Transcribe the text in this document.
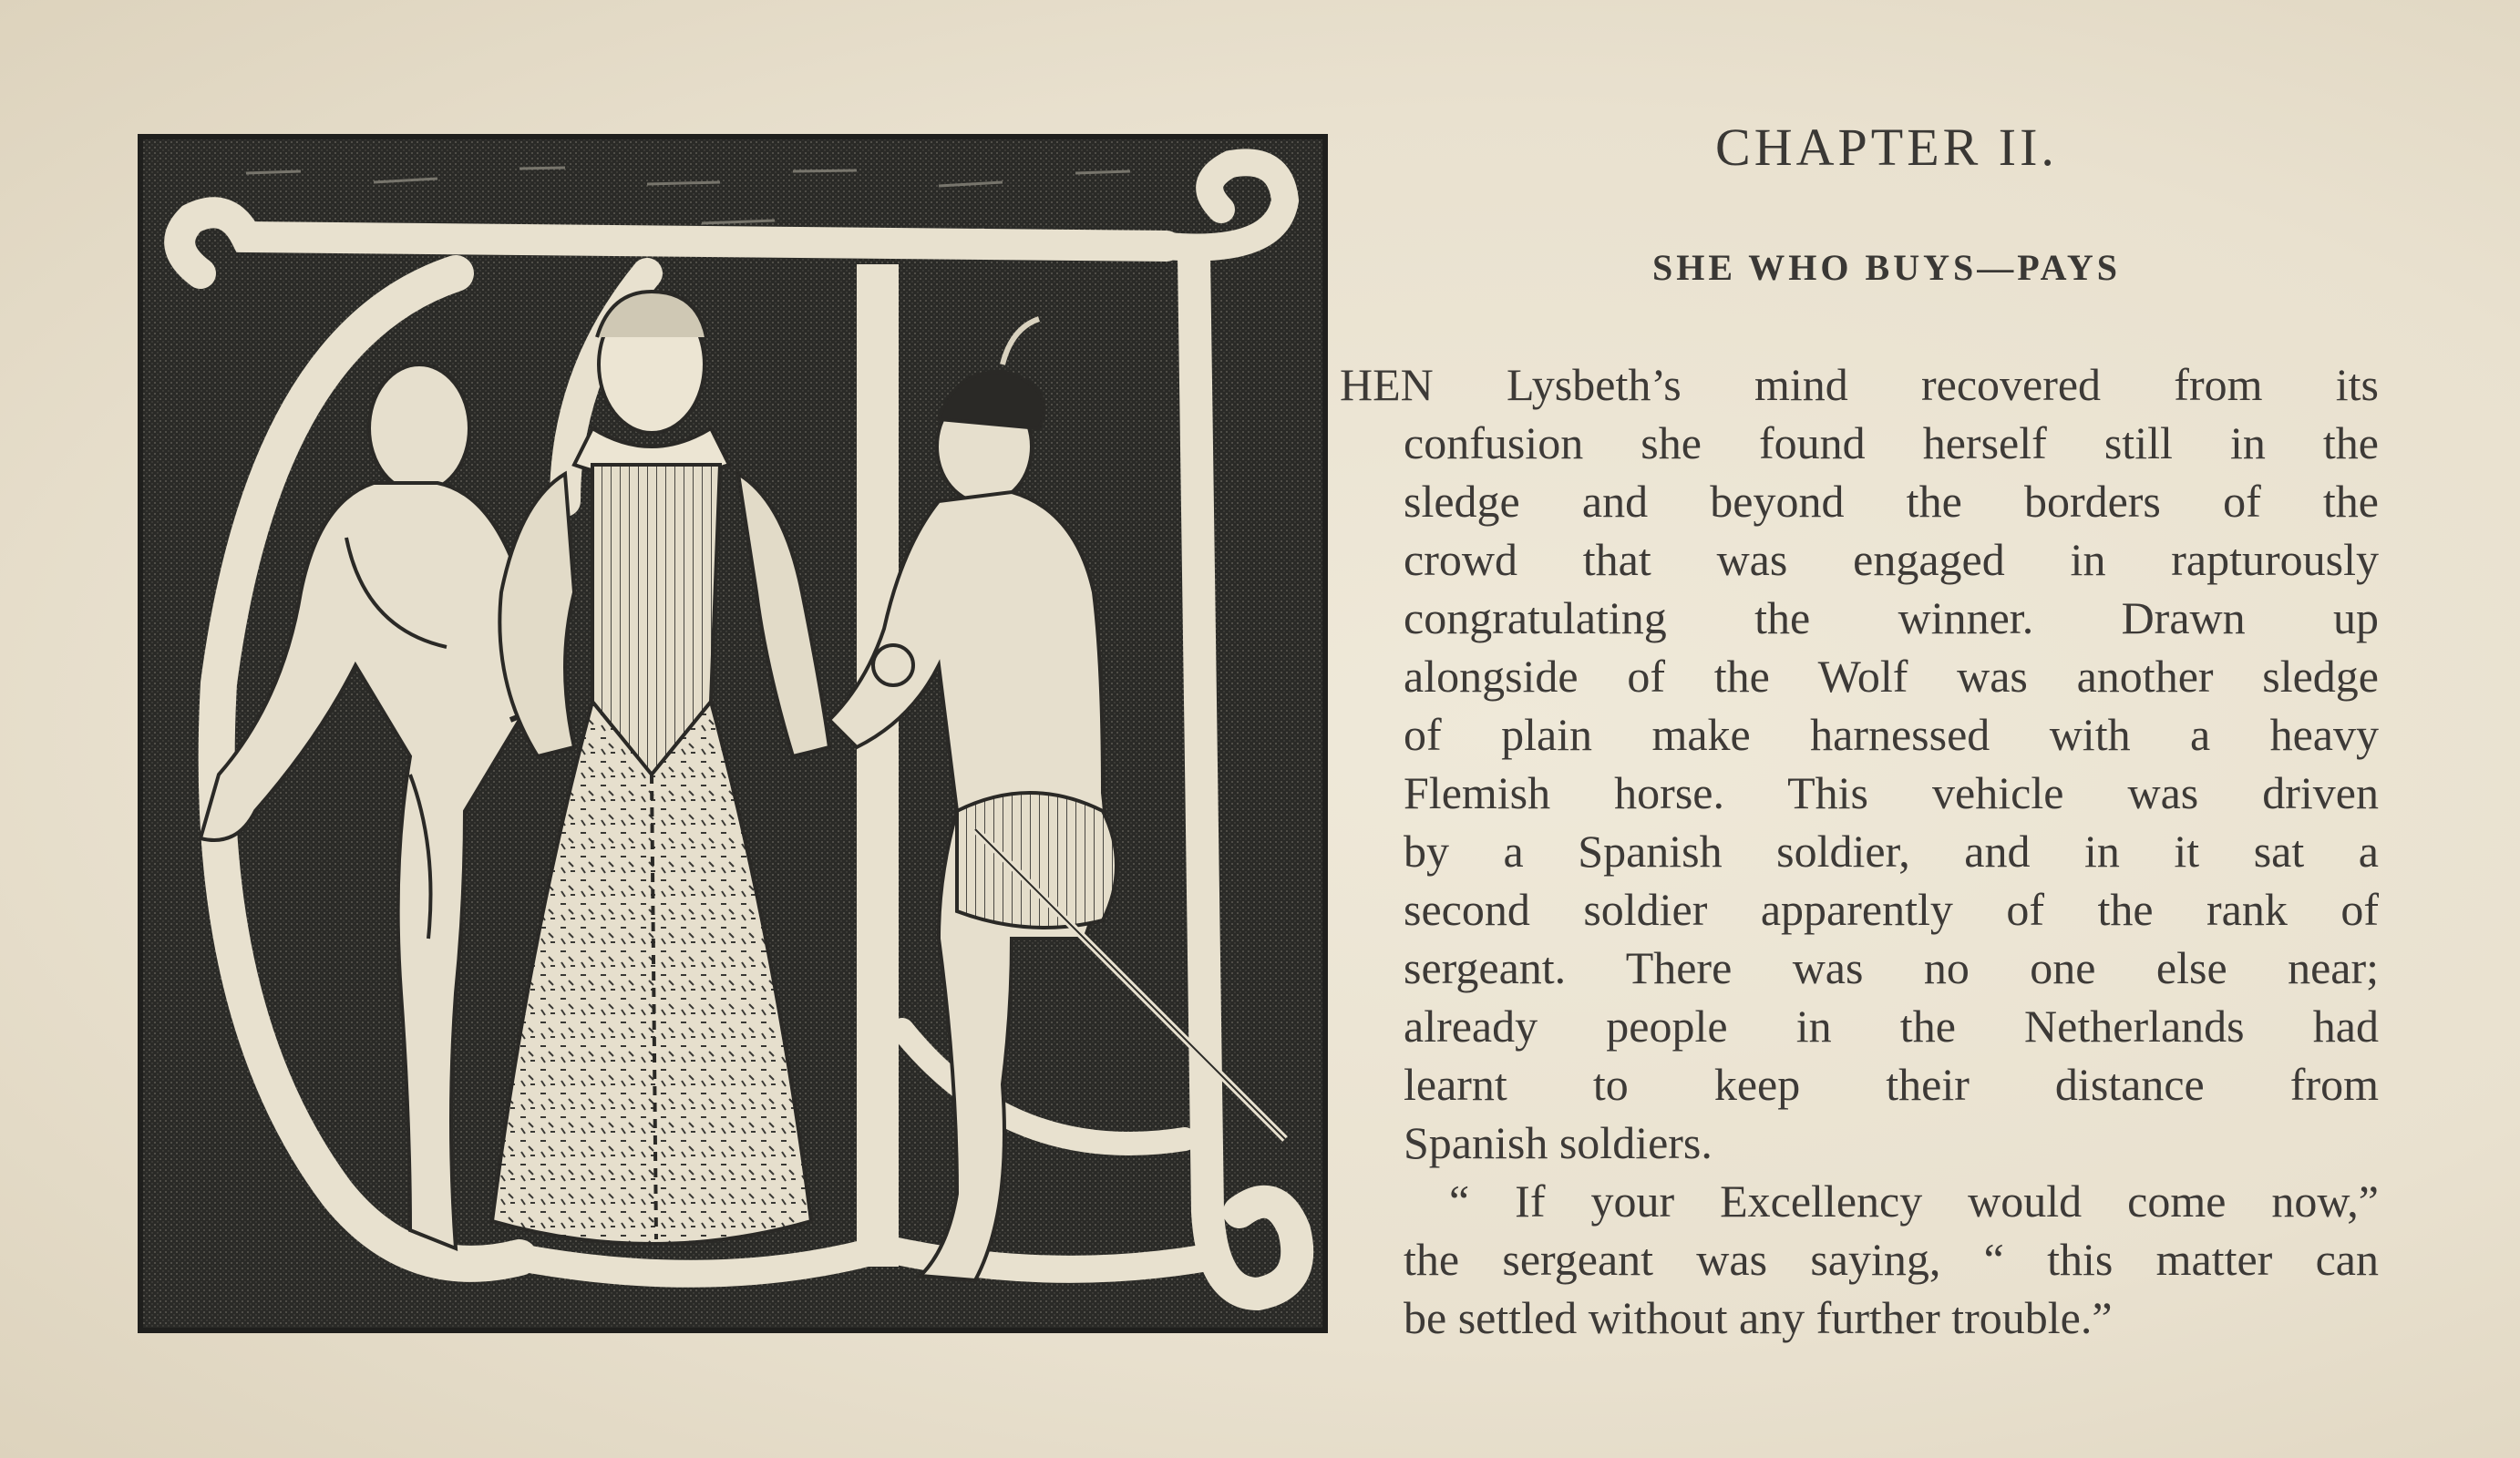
CHAPTER II.
SHE WHO BUYS—PAYS
HEN Lysbeth’s mind recovered from its
confusion she found herself still in the
sledge and beyond the borders of the
crowd that was engaged in rapturously
congratulating the winner. Drawn up
alongside of the Wolf was another sledge
of plain make harnessed with a heavy
Flemish horse. This vehicle was driven
by a Spanish soldier, and in it sat a
second soldier apparently of the rank of
sergeant. There was no one else near;
already people in the Netherlands had
learnt to keep their distance from
Spanish soldiers.
“ If your Excellency would come now,”
the sergeant was saying, “ this matter can
be settled without any further trouble.”
